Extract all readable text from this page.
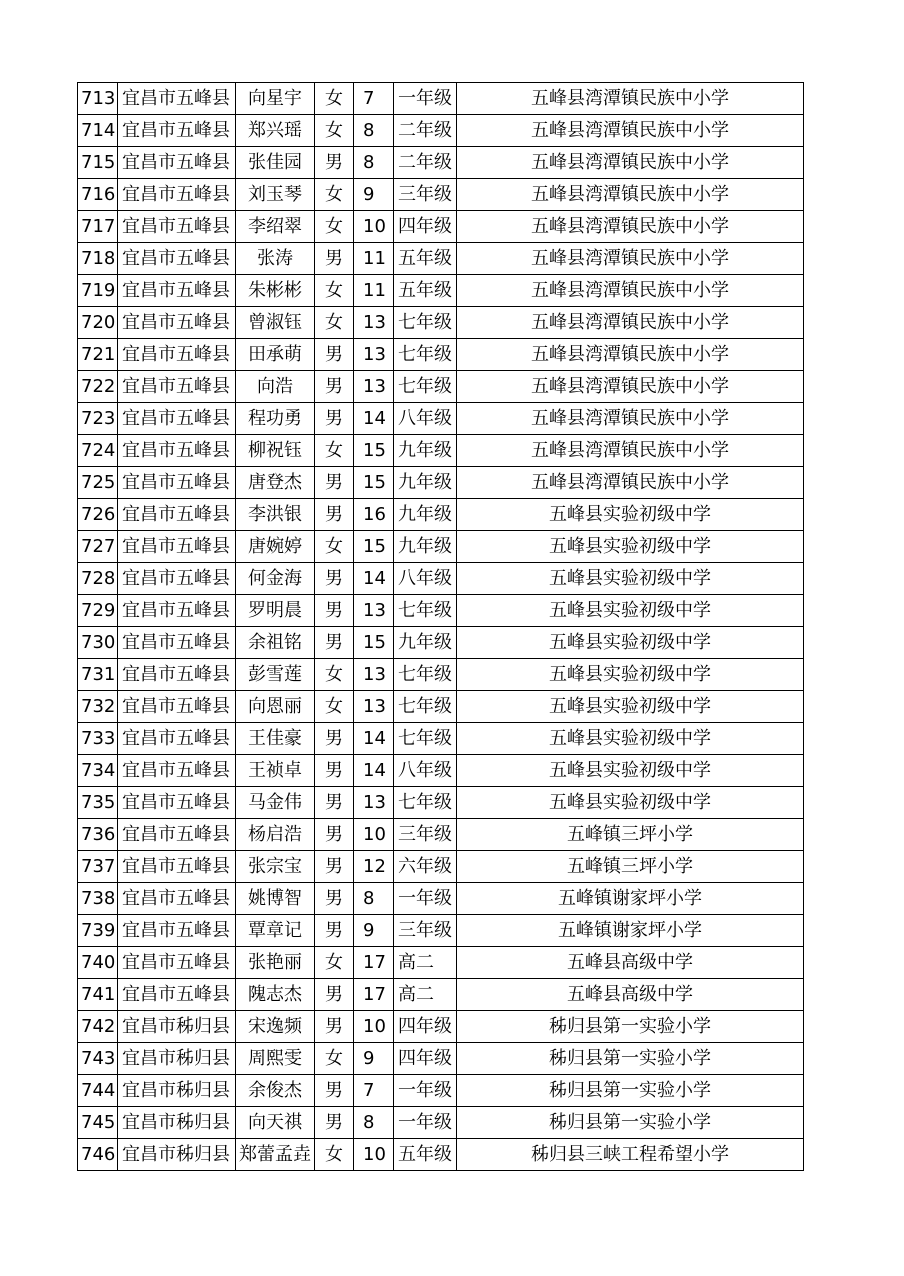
713	宜昌市五峰县	向星宇	女	7	一年级	五峰县湾潭镇民族中小学
714	宜昌市五峰县	郑兴瑶	女	8	二年级	五峰县湾潭镇民族中小学
715	宜昌市五峰县	张佳园	男	8	二年级	五峰县湾潭镇民族中小学
716	宜昌市五峰县	刘玉琴	女	9	三年级	五峰县湾潭镇民族中小学
717	宜昌市五峰县	李绍翠	女	10	四年级	五峰县湾潭镇民族中小学
718	宜昌市五峰县	张涛	男	11	五年级	五峰县湾潭镇民族中小学
719	宜昌市五峰县	朱彬彬	女	11	五年级	五峰县湾潭镇民族中小学
720	宜昌市五峰县	曾淑钰	女	13	七年级	五峰县湾潭镇民族中小学
721	宜昌市五峰县	田承萌	男	13	七年级	五峰县湾潭镇民族中小学
722	宜昌市五峰县	向浩	男	13	七年级	五峰县湾潭镇民族中小学
723	宜昌市五峰县	程功勇	男	14	八年级	五峰县湾潭镇民族中小学
724	宜昌市五峰县	柳祝钰	女	15	九年级	五峰县湾潭镇民族中小学
725	宜昌市五峰县	唐登杰	男	15	九年级	五峰县湾潭镇民族中小学
726	宜昌市五峰县	李洪银	男	16	九年级	五峰县实验初级中学
727	宜昌市五峰县	唐婉婷	女	15	九年级	五峰县实验初级中学
728	宜昌市五峰县	何金海	男	14	八年级	五峰县实验初级中学
729	宜昌市五峰县	罗明晨	男	13	七年级	五峰县实验初级中学
730	宜昌市五峰县	余祖铭	男	15	九年级	五峰县实验初级中学
731	宜昌市五峰县	彭雪莲	女	13	七年级	五峰县实验初级中学
732	宜昌市五峰县	向恩丽	女	13	七年级	五峰县实验初级中学
733	宜昌市五峰县	王佳豪	男	14	七年级	五峰县实验初级中学
734	宜昌市五峰县	王祯卓	男	14	八年级	五峰县实验初级中学
735	宜昌市五峰县	马金伟	男	13	七年级	五峰县实验初级中学
736	宜昌市五峰县	杨启浩	男	10	三年级	五峰镇三坪小学
737	宜昌市五峰县	张宗宝	男	12	六年级	五峰镇三坪小学
738	宜昌市五峰县	姚博智	男	8	一年级	五峰镇谢家坪小学
739	宜昌市五峰县	覃章记	男	9	三年级	五峰镇谢家坪小学
740	宜昌市五峰县	张艳丽	女	17	高二	五峰县高级中学
741	宜昌市五峰县	隗志杰	男	17	高二	五峰县高级中学
742	宜昌市秭归县	宋逸频	男	10	四年级	秭归县第一实验小学
743	宜昌市秭归县	周熙雯	女	9	四年级	秭归县第一实验小学
744	宜昌市秭归县	余俊杰	男	7	一年级	秭归县第一实验小学
745	宜昌市秭归县	向天祺	男	8	一年级	秭归县第一实验小学
746	宜昌市秭归县	郑蕾孟垚	女	10	五年级	秭归县三峡工程希望小学
